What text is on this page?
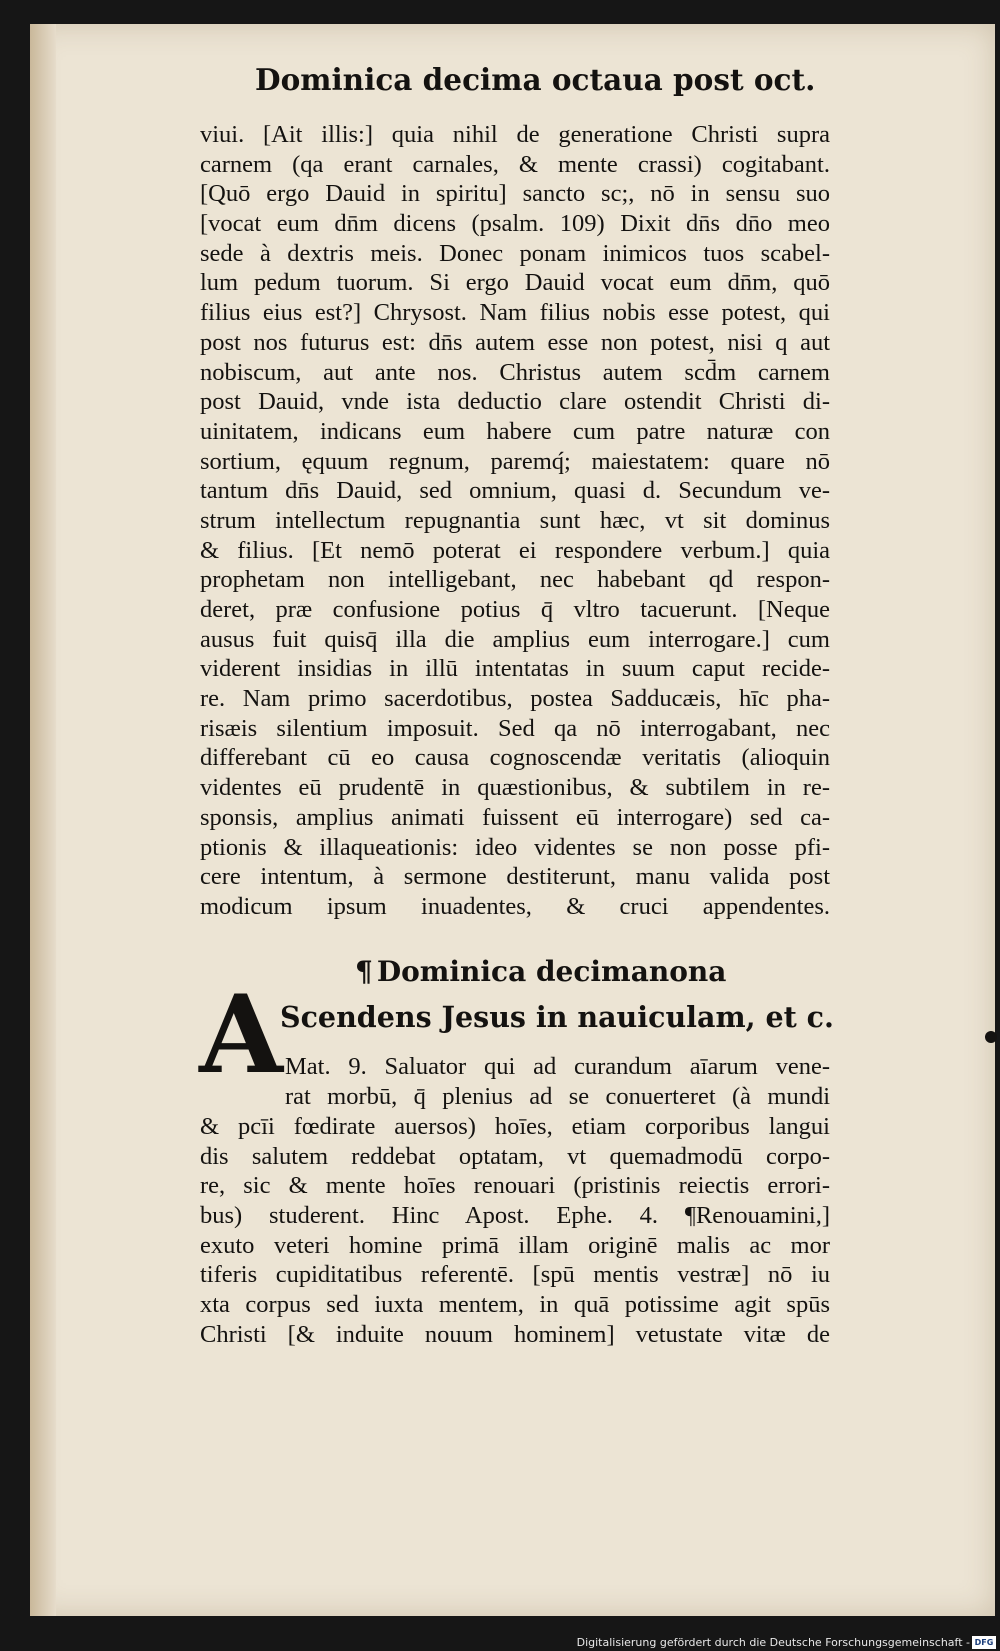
Dominica decima octaua post oct.
viui. [Ait illis:] quia nihil de generatione Christi supra
carnem (qa erant carnales, & mente crassi) cogitabant.
[Quō ergo Dauid in spiritu] sancto sc;, nō in sensu suo
[vocat eum dn̄m dicens (psalm. 109) Dixit dn̄s dn̄o meo
sede à dextris meis. Donec ponam inimicos tuos scabel-
lum pedum tuorum. Si ergo Dauid vocat eum dn̄m, quō
filius eius est?] Chrysost. Nam filius nobis esse potest, qui
post nos futurus est: dn̄s autem esse non potest, nisi q aut
nobiscum, aut ante nos. Christus autem scd̄m carnem
post Dauid, vnde ista deductio clare ostendit Christi di-
uinitatem, indicans eum habere cum patre naturæ con
sortium, ęquum regnum, paremq́; maiestatem: quare nō
tantum dn̄s Dauid, sed omnium, quasi d. Secundum ve-
strum intellectum repugnantia sunt hæc, vt sit dominus
& filius. [Et nemō poterat ei respondere verbum.] quia
prophetam non intelligebant, nec habebant qd respon-
deret, præ confusione potius q̄ vltro tacuerunt. [Neque
ausus fuit quisq̄ illa die amplius eum interrogare.] cum
viderent insidias in illū intentatas in suum caput recide-
re. Nam primo sacerdotibus, postea Sadducæis, hīc pha-
risæis silentium imposuit. Sed qa nō interrogabant, nec
differebant cū eo causa cognoscendæ veritatis (alioquin
videntes eū prudentē in quæstionibus, & subtilem in re-
sponsis, amplius animati fuissent eū interrogare) sed ca-
ptionis & illaqueationis: ideo videntes se non posse pfi-
cere intentum, à sermone destiterunt, manu valida post
modicum ipsum inuadentes, & cruci appendentes.
¶ Dominica decimanona
A
Scendens Jesus in nauiculam, et c.
Mat. 9. Saluator qui ad curandum aīarum vene-
rat morbū, q̄ plenius ad se conuerteret (à mundi
& pcīi fœdirate auersos) hoīes, etiam corporibus langui
dis salutem reddebat optatam, vt quemadmodū corpo-
re, sic & mente hoīes renouari (pristinis reiectis errori-
bus) studerent. Hinc Apost. Ephe. 4. ¶Renouamini,]
exuto veteri homine primā illam originē malis ac mor
tiferis cupiditatibus referentē. [spū mentis vestræ] nō iu
xta corpus sed iuxta mentem, in quā potissime agit spūs
Christi [& induite nouum hominem] vetustate vitæ de
Digitalisierung gefördert durch die Deutsche Forschungsgemeinschaft - DFG
